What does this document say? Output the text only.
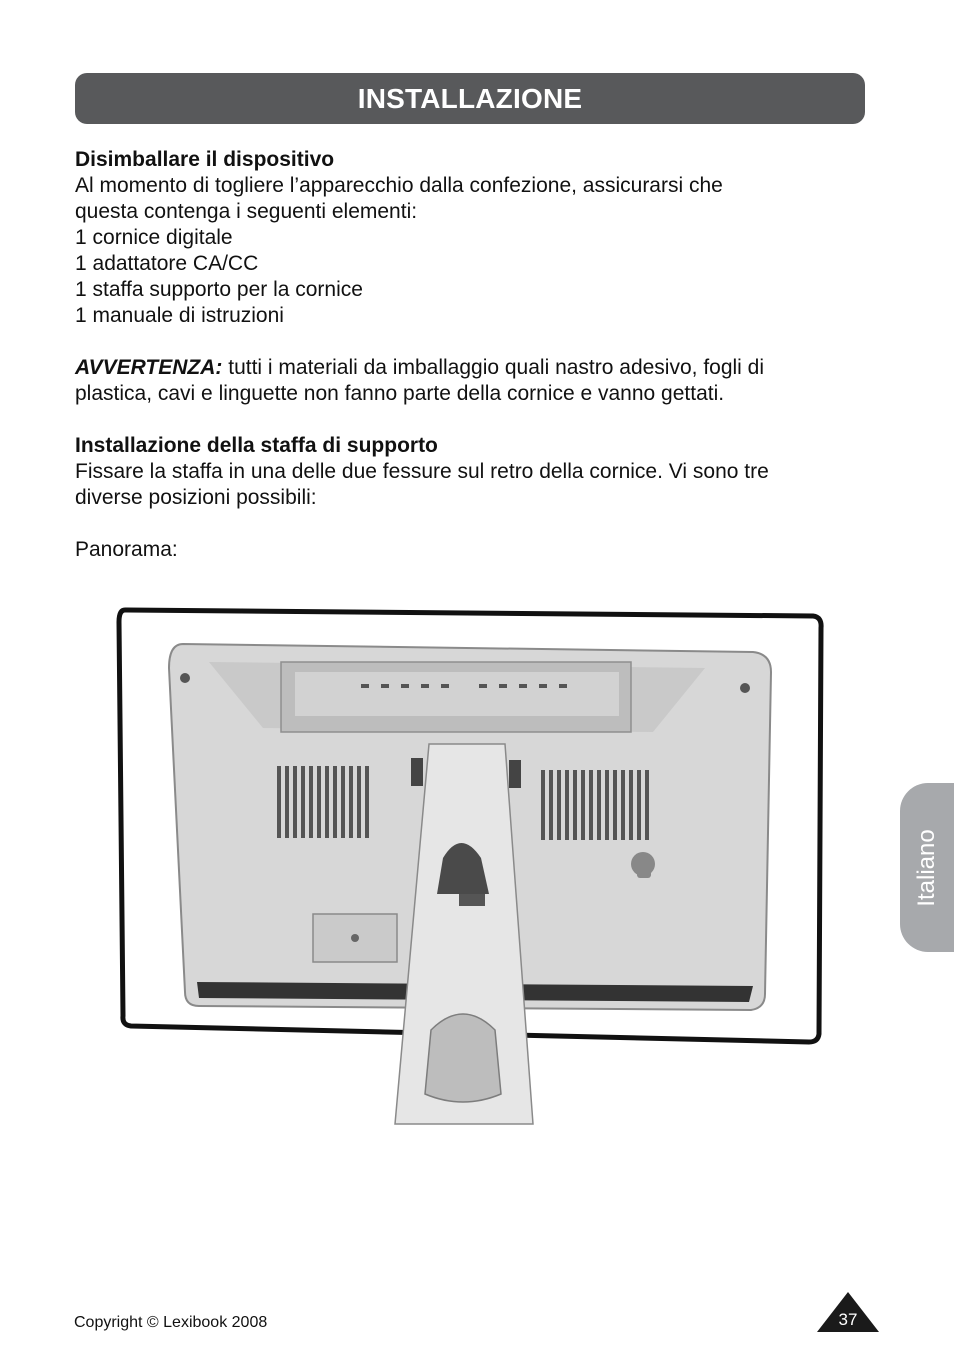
INSTALLAZIONE

Disimballare il dispositivo

Al momento di togliere l’apparecchio dalla confezione, assicurarsi che

questa contenga i seguenti elementi:

1 cornice digitale

1 adattatore CA/CC

1 staffa supporto per la cornice

1 manuale di istruzioni

AVVERTENZA: tutti i materiali da imballaggio quali nastro adesivo, fogli di

plastica, cavi e linguette non fanno parte della cornice e vanno gettati.

Installazione della staffa di supporto

Fissare la staffa in una delle due fessure sul retro della cornice. Vi sono tre

diverse posizioni possibili:

Panorama:

Italiano
Copyright © Lexibook 2008	37
